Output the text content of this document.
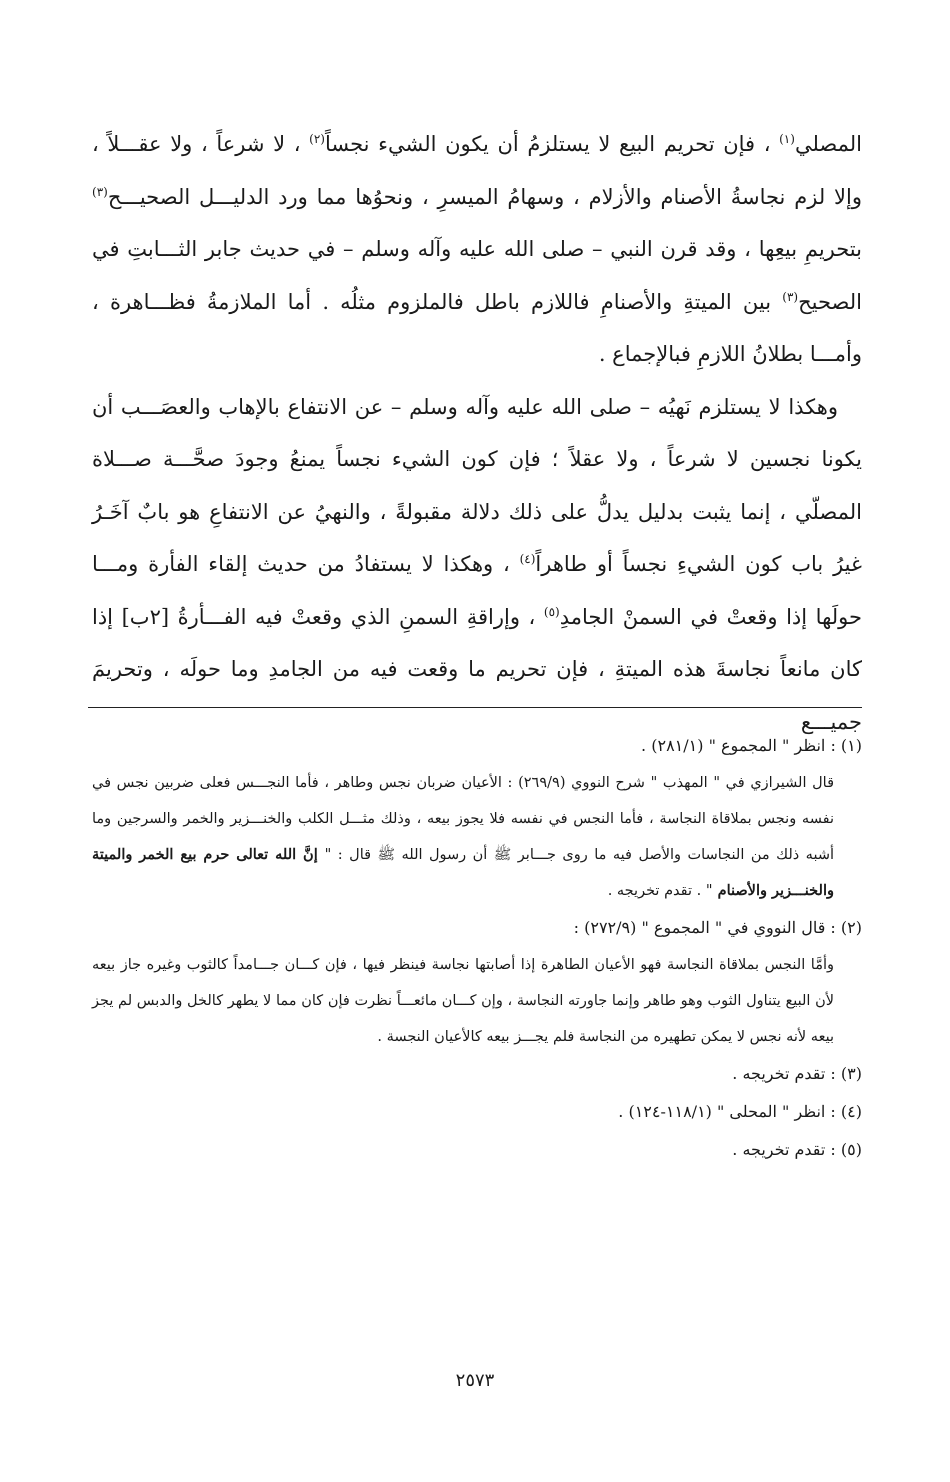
المصلي$^{(١)}$ ، فإن تحريم البيع لا يستلزمُ أن يكون الشيء نجساً$^{(٢)}$ ، لا شرعاً ، ولا عقـــلاً ، وإلا لزم نجاسةُ الأصنام والأزلام ، وسهامُ الميسرِ ، ونحوُها مما ورد الدليـــل الصحيـــح$^{(٣)}$ بتحريمِ بيعِها ، وقد قرن النبي – صلى الله عليه وآله وسلم – في حديث جابر الثـــابتِ في الصحيح$^{(٣)}$ بين الميتةِ والأصنامِ فاللازم باطل فالملزوم مثلُه . أما الملازمةُ فظـــاهرة ، وأمـــا بطلانُ اللازمِ فبالإجماع .

وهكذا لا يستلزم نَهيُه – صلى الله عليه وآله وسلم – عن الانتفاع بالإهاب والعصَـــب أن يكونا نجسين لا شرعاً ، ولا عقلاً ؛ فإن كون الشيء نجساً يمنعُ وجودَ صحَّـــة صـــلاة المصلّي ، إنما يثبت بدليل يدلُّ على ذلك دلالة مقبولةً ، والنهيُ عن الانتفاعِ هو بابٌ آخَـرُ غيرُ باب كون الشيءِ نجساً أو طاهراً$^{(٤)}$ ، وهكذا لا يستفادُ من حديث إلقاء الفأرة ومـــا حولَها إذا وقعتْ في السمنْ الجامدِ$^{(٥)}$ ، وإراقةِ السمنِ الذي وقعتْ فيه الفـــأرةُ [٢ب] إذا كان مانعاً نجاسةَ هذه الميتةِ ، فإن تحريم ما وقعت فيه من الجامدِ وما حولَه ، وتحريمَ جميـــع

(١) : انظر " المجموع " (٢٨١/١) .

قال الشيرازي في " المهذب " شرح النووي (٢٦٩/٩) : الأعيان ضربان نجس وطاهر ، فأما النجـــس فعلى ضربين نجس في نفسه ونجس بملاقاة النجاسة ، فأما النجس في نفسه فلا يجوز بيعه ، وذلك مثـــل الكلب والخنـــزير والخمر والسرجين وما أشبه ذلك من النجاسات والأصل فيه ما روى جـــابر ﷺ أن رسول الله ﷺ قال : " إنَّ الله تعالى حرم بيع الخمر والميتة والخنـــزير والأصنام " . تقدم تخريجه .

(٢) : قال النووي في " المجموع " (٢٧٢/٩) :

وأمَّا النجس بملاقاة النجاسة فهو الأعيان الطاهرة إذا أصابتها نجاسة فينظر فيها ، فإن كـــان جـــامداً كالثوب وغيره جاز بيعه لأن البيع يتناول الثوب وهو طاهر وإنما جاورته النجاسة ، وإن كـــان مائعـــاً نظرت فإن كان مما لا يطهر كالخل والدبس لم يجز بيعه لأنه نجس لا يمكن تطهيره من النجاسة فلم يجـــز بيعه كالأعيان النجسة .

(٣) : تقدم تخريجه .

(٤) : انظر " المحلى " (١١٨/١-١٢٤) .

(٥) : تقدم تخريجه .

٢٥٧٣
